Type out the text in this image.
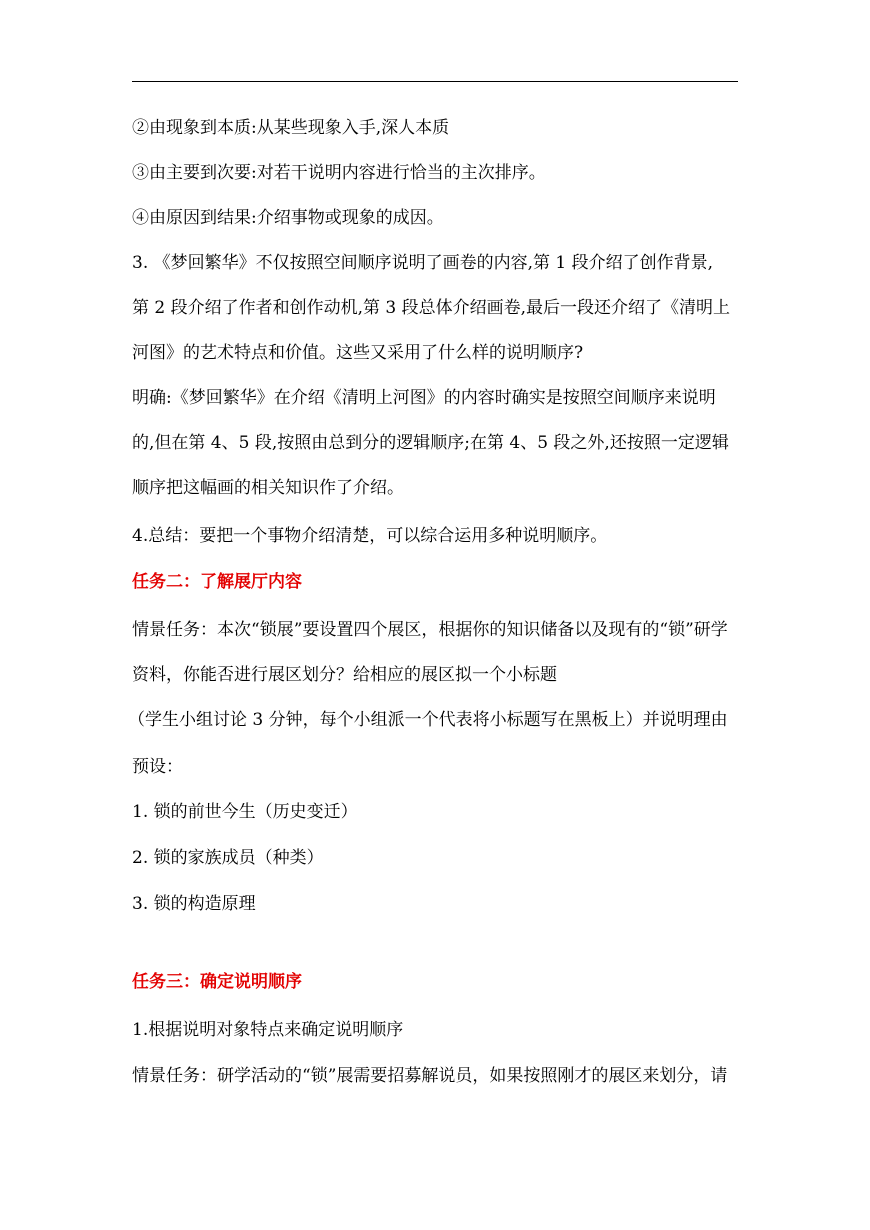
②由现象到本质:从某些现象入手,深人本质
③由主要到次要:对若干说明内容进行恰当的主次排序。
④由原因到结果:介绍事物或现象的成因。
3. 《梦回繁华》不仅按照空间顺序说明了画卷的内容,第 1 段介绍了创作背景,
第 2 段介绍了作者和创作动机,第 3 段总体介绍画卷,最后一段还介绍了《清明上
河图》的艺术特点和价值。这些又采用了什么样的说明顺序?
明确:《梦回繁华》在介绍《清明上河图》的内容时确实是按照空间顺序来说明
的,但在第 4、5 段,按照由总到分的逻辑顺序;在第 4、5 段之外,还按照一定逻辑
顺序把这幅画的相关知识作了介绍。
4.总结：要把一个事物介绍清楚，可以综合运用多种说明顺序。
任务二：了解展厅内容
情景任务：本次“锁展”要设置四个展区，根据你的知识储备以及现有的“锁”研学
资料，你能否进行展区划分？给相应的展区拟一个小标题
（学生小组讨论 3 分钟，每个小组派一个代表将小标题写在黑板上）并说明理由
预设：
1. 锁的前世今生（历史变迁）
2. 锁的家族成员（种类）
3. 锁的构造原理
任务三：确定说明顺序
1.根据说明对象特点来确定说明顺序
情景任务：研学活动的“锁”展需要招募解说员，如果按照刚才的展区来划分，请
